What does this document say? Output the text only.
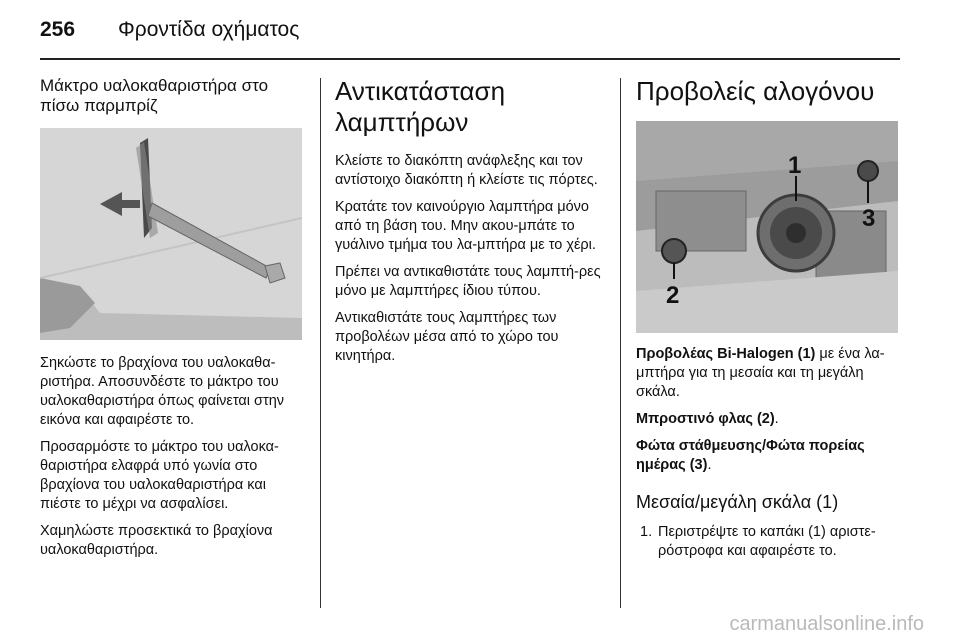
256 Φροντίδα οχήματος
Μάκτρο υαλοκαθαριστήρα στο πίσω παρμπρίζ

Σηκώστε το βραχίονα του υαλοκαθα-ριστήρα. Αποσυνδέστε το μάκτρο του υαλοκαθαριστήρα όπως φαίνεται στην εικόνα και αφαιρέστε το.

Προσαρμόστε το μάκτρο του υαλοκα-θαριστήρα ελαφρά υπό γωνία στο βραχίονα του υαλοκαθαριστήρα και πιέστε το μέχρι να ασφαλίσει.

Χαμηλώστε προσεκτικά το βραχίονα υαλοκαθαριστήρα.

Αντικατάσταση λαμπτήρων

Κλείστε το διακόπτη ανάφλεξης και τον αντίστοιχο διακόπτη ή κλείστε τις πόρτες.

Κρατάτε τον καινούργιο λαμπτήρα μόνο από τη βάση του. Μην ακου-μπάτε το γυάλινο τμήμα του λα-μπτήρα με το χέρι.

Πρέπει να αντικαθιστάτε τους λαμπτή-ρες μόνο με λαμπτήρες ίδιου τύπου.

Αντικαθιστάτε τους λαμπτήρες των προβολέων μέσα από το χώρο του κινητήρα.

Προβολείς αλογόνου
1
2
3

Προβολέας Bi-Halogen (1) με ένα λα-μπτήρα για τη μεσαία και τη μεγάλη σκάλα.

Μπροστινό φλας (2).

Φώτα στάθμευσης/Φώτα πορείας ημέρας (3).

Μεσαία/μεγάλη σκάλα (1)
1. Περιστρέψτε το καπάκι (1) αριστε-ρόστροφα και αφαιρέστε το.
carmanualsonline.info
